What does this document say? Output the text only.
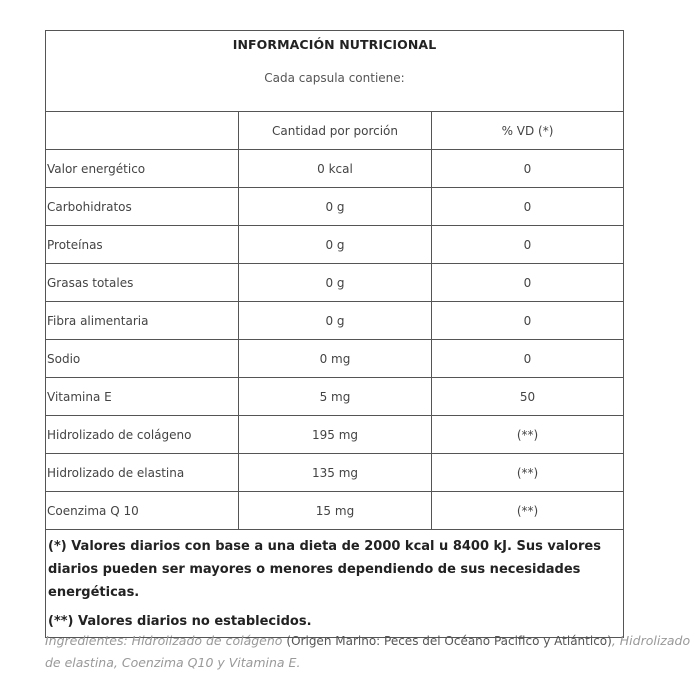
INFORMACIÓN NUTRICIONAL
Cada capsula contiene:		

	Cantidad por porción	% VD (*)
Valor energético	0 kcal	0
Carbohidratos	0 g	0
Proteínas	0 g	0
Grasas totales	0 g	0
Fibra alimentaria	0 g	0
Sodio	0 mg	0
Vitamina E	5 mg	50
Hidrolizado de colágeno	195 mg	(**)
Hidrolizado de elastina	135 mg	(**)
Coenzima Q 10	15 mg	(**)

(*) Valores diarios con base a una dieta de 2000 kcal u 8400 kJ. Sus valores diarios pueden ser mayores o menores dependiendo de sus necesidades energéticas.
(**) Valores diarios no establecidos.		
Ingredientes: Hidrolizado de colágeno (Origen Marino: Peces del Océano Pacifico y Atlántico), Hidrolizado de elastina, Coenzima Q10 y Vitamina E.
